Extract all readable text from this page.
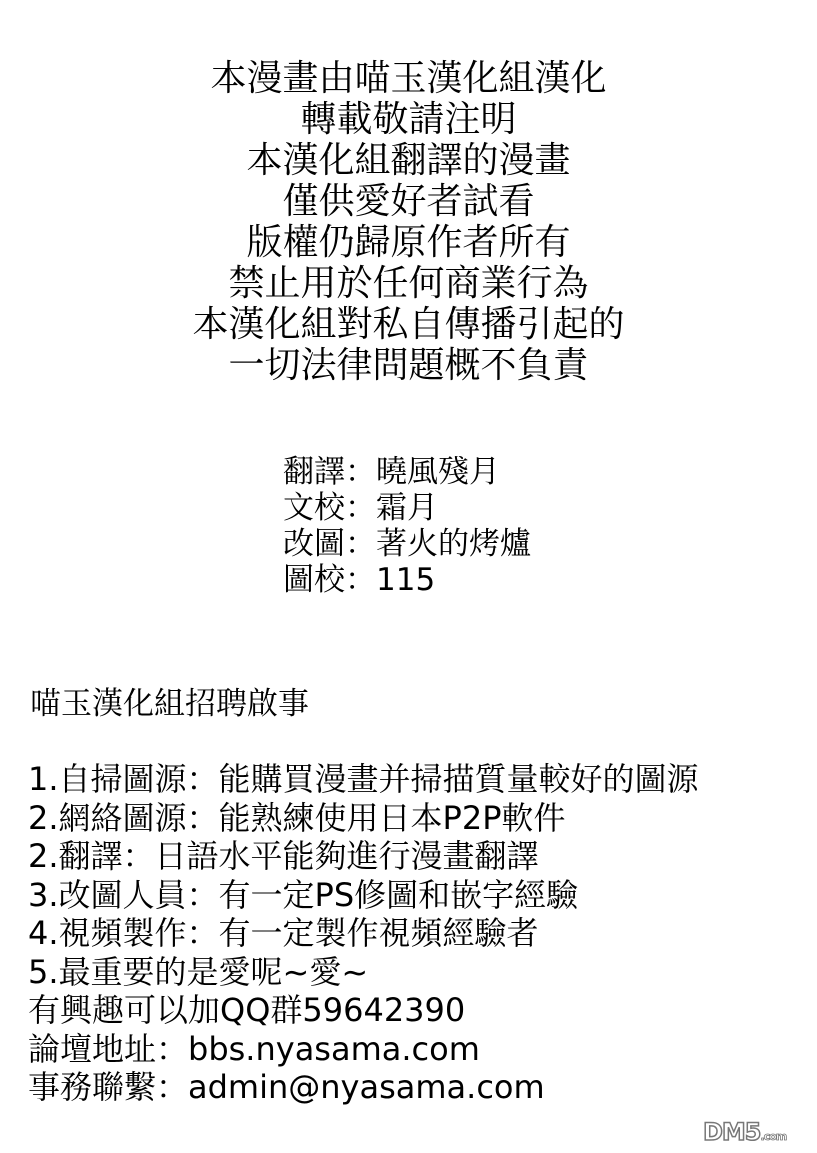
本漫畫由喵玉漢化組漢化
轉載敬請注明
本漢化組翻譯的漫畫
僅供愛好者試看
版權仍歸原作者所有
禁止用於任何商業行為
本漢化組對私自傳播引起的
一切法律問題概不負責
翻譯：曉風殘月
文校：霜月
改圖：著火的烤爐
圖校：115
喵玉漢化組招聘啟事
1.自掃圖源：能購買漫畫并掃描質量較好的圖源
2.網絡圖源：能熟練使用日本P2P軟件
2.翻譯：日語水平能夠進行漫畫翻譯
3.改圖人員：有一定PS修圖和嵌字經驗
4.視頻製作：有一定製作視頻經驗者
5.最重要的是愛呢~愛~
有興趣可以加QQ群59642390
論壇地址：bbs.nyasama.com
事務聯繫：admin@nyasama.com
DM5.com
